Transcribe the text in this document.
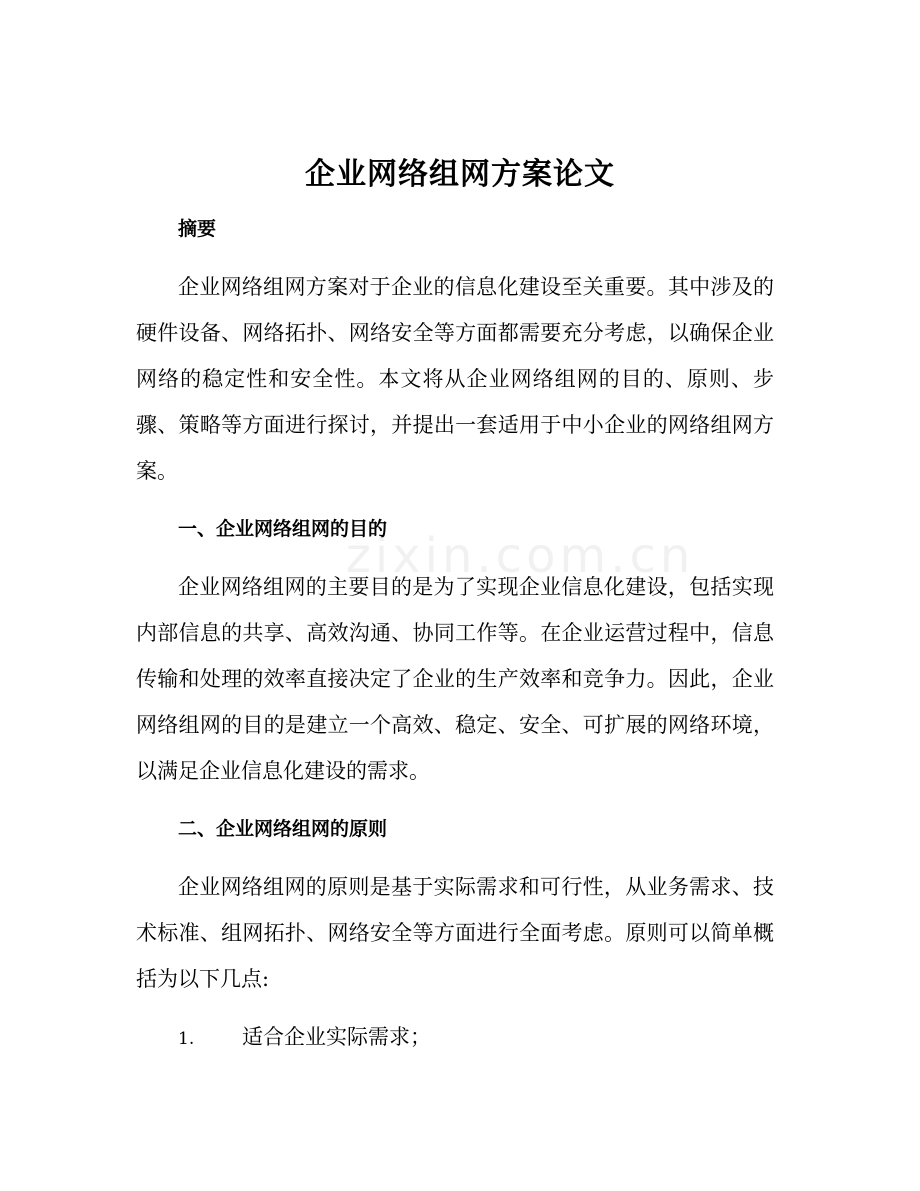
zixin.com.cn
企业网络组网方案论文
摘要

企业网络组网方案对于企业的信息化建设至关重要。其中涉及的硬件设备、网络拓扑、网络安全等方面都需要充分考虑，以确保企业网络的稳定性和安全性。本文将从企业网络组网的目的、原则、步骤、策略等方面进行探讨，并提出一套适用于中小企业的网络组网方案。

一、企业网络组网的目的

企业网络组网的主要目的是为了实现企业信息化建设，包括实现内部信息的共享、高效沟通、协同工作等。在企业运营过程中，信息传输和处理的效率直接决定了企业的生产效率和竞争力。因此，企业网络组网的目的是建立一个高效、稳定、安全、可扩展的网络环境，以满足企业信息化建设的需求。

二、企业网络组网的原则

企业网络组网的原则是基于实际需求和可行性，从业务需求、技术标准、组网拓扑、网络安全等方面进行全面考虑。原则可以简单概括为以下几点:

1. 适合企业实际需求；
